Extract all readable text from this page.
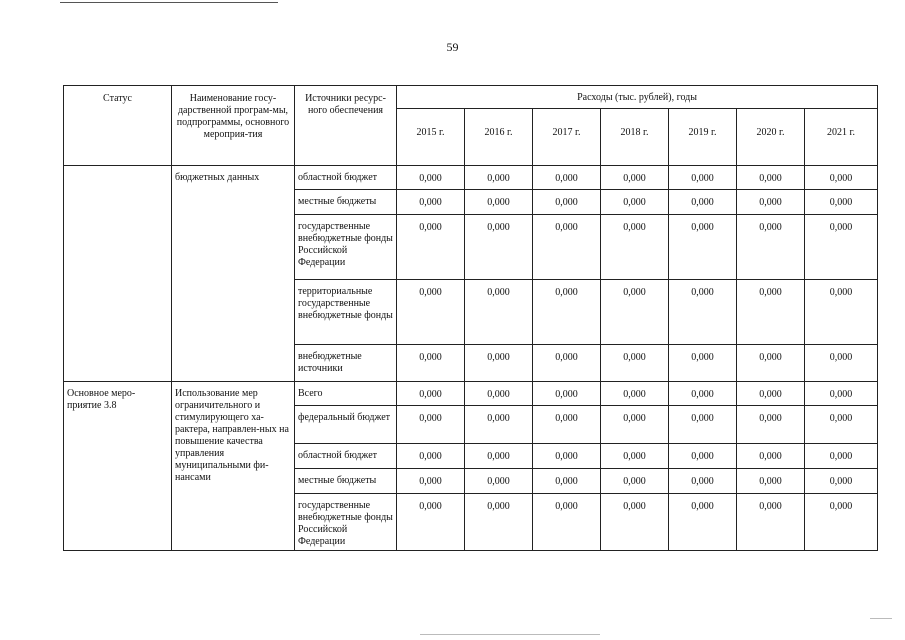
59
Статус	Наименование госу-дарственной програм-мы, подпрограммы, основного мероприя-тия	Источники ресурс-ного обеспечения	Расходы (тыс. рублей), годы						
			2015 г.	2016 г.	2017 г.	2018 г.	2019 г.	2020 г.	2021 г.
	бюджетных данных	областной бюджет	0,000	0,000	0,000	0,000	0,000	0,000	0,000
		местные бюджеты	0,000	0,000	0,000	0,000	0,000	0,000	0,000
		государственные внебюджетные фонды Российской Федерации	0,000	0,000	0,000	0,000	0,000	0,000	0,000
		территориальные государственные внебюджетные фонды	0,000	0,000	0,000	0,000	0,000	0,000	0,000
		внебюджетные источники	0,000	0,000	0,000	0,000	0,000	0,000	0,000
Основное меро-приятие 3.8	Использование мер ограничительного и стимулирующего ха-рактера, направлен-ных на повышение качества управления муниципальными фи-нансами	Всего	0,000	0,000	0,000	0,000	0,000	0,000	0,000
		федеральный бюджет	0,000	0,000	0,000	0,000	0,000	0,000	0,000
		областной бюджет	0,000	0,000	0,000	0,000	0,000	0,000	0,000
		местные бюджеты	0,000	0,000	0,000	0,000	0,000	0,000	0,000
		государственные внебюджетные фонды Российской Федерации	0,000	0,000	0,000	0,000	0,000	0,000	0,000
